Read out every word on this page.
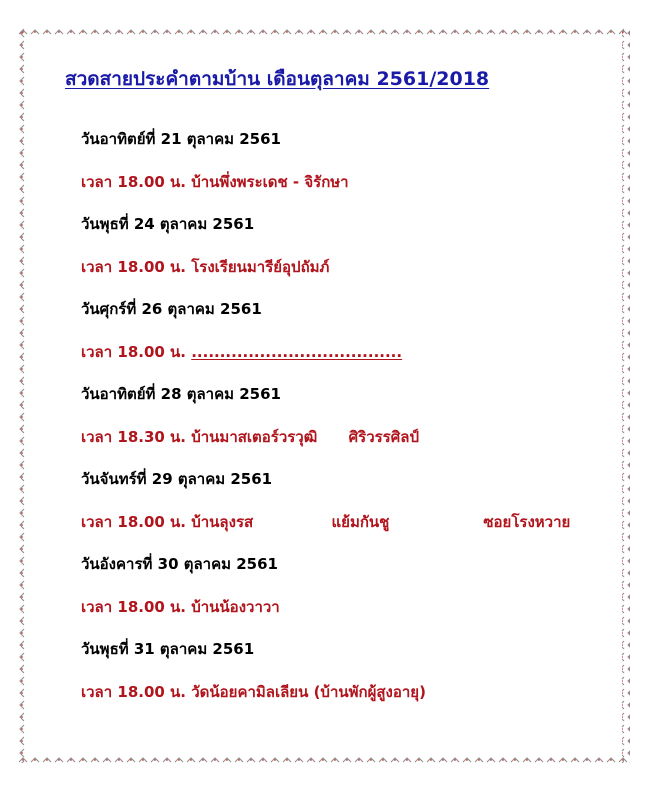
สวดสายประคำตามบ้าน เดือนตุลาคม 2561/2018
วันอาทิตย์ที่ 21 ตุลาคม 2561
เวลา 18.00 น. บ้านพึ่งพระเดช - จิรักษา
วันพุธที่ 24 ตุลาคม 2561
เวลา 18.00 น. โรงเรียนมารีย์อุปถัมภ์
วันศุกร์ที่ 26 ตุลาคม 2561
เวลา 18.00 น. .....................................
วันอาทิตย์ที่ 28 ตุลาคม 2561
เวลา 18.30 น. บ้านมาสเตอร์วรวุฒิ      ศิริวรรศิลป์
วันจันทร์ที่ 29 ตุลาคม 2561
เวลา 18.00 น. บ้านลุงรส               แย้มกันชู                  ซอยโรงหวาย
วันอังคารที่ 30 ตุลาคม 2561
เวลา 18.00 น. บ้านน้องวาวา
วันพุธที่ 31 ตุลาคม 2561
เวลา 18.00 น. วัดน้อยคามิลเลียน (บ้านพักผู้สูงอายุ)
